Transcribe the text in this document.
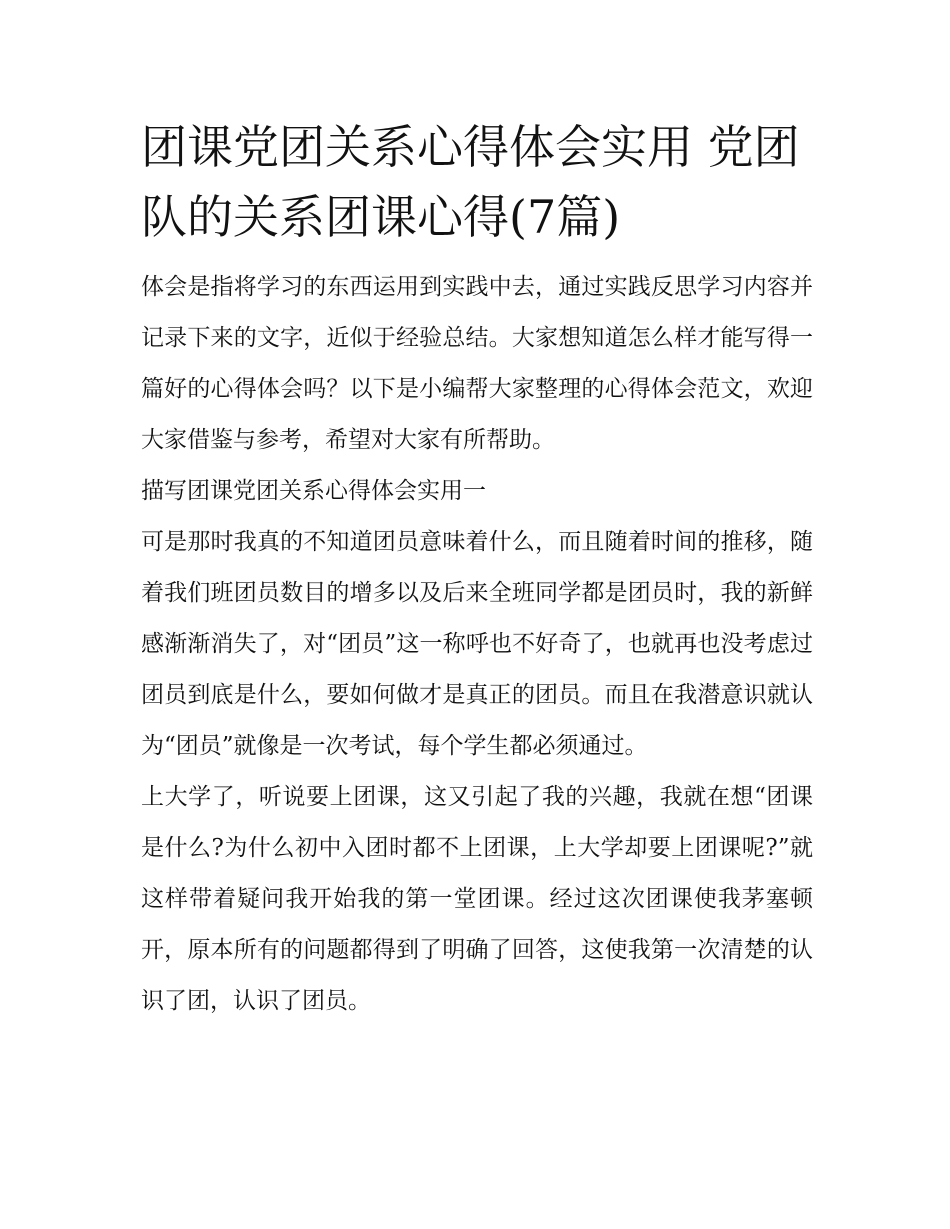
团课党团关系心得体会实用 党团队的关系团课心得(7篇)

体会是指将学习的东西运用到实践中去，通过实践反思学习内容并记录下来的文字，近似于经验总结。大家想知道怎么样才能写得一篇好的心得体会吗？以下是小编帮大家整理的心得体会范文，欢迎大家借鉴与参考，希望对大家有所帮助。

描写团课党团关系心得体会实用一

可是那时我真的不知道团员意味着什么，而且随着时间的推移，随着我们班团员数目的增多以及后来全班同学都是团员时，我的新鲜感渐渐消失了，对“团员”这一称呼也不好奇了，也就再也没考虑过团员到底是什么，要如何做才是真正的团员。而且在我潜意识就认为“团员”就像是一次考试，每个学生都必须通过。

上大学了，听说要上团课，这又引起了我的兴趣，我就在想“团课是什么?为什么初中入团时都不上团课，上大学却要上团课呢?”就这样带着疑问我开始我的第一堂团课。经过这次团课使我茅塞顿开，原本所有的问题都得到了明确了回答，这使我第一次清楚的认识了团，认识了团员。
